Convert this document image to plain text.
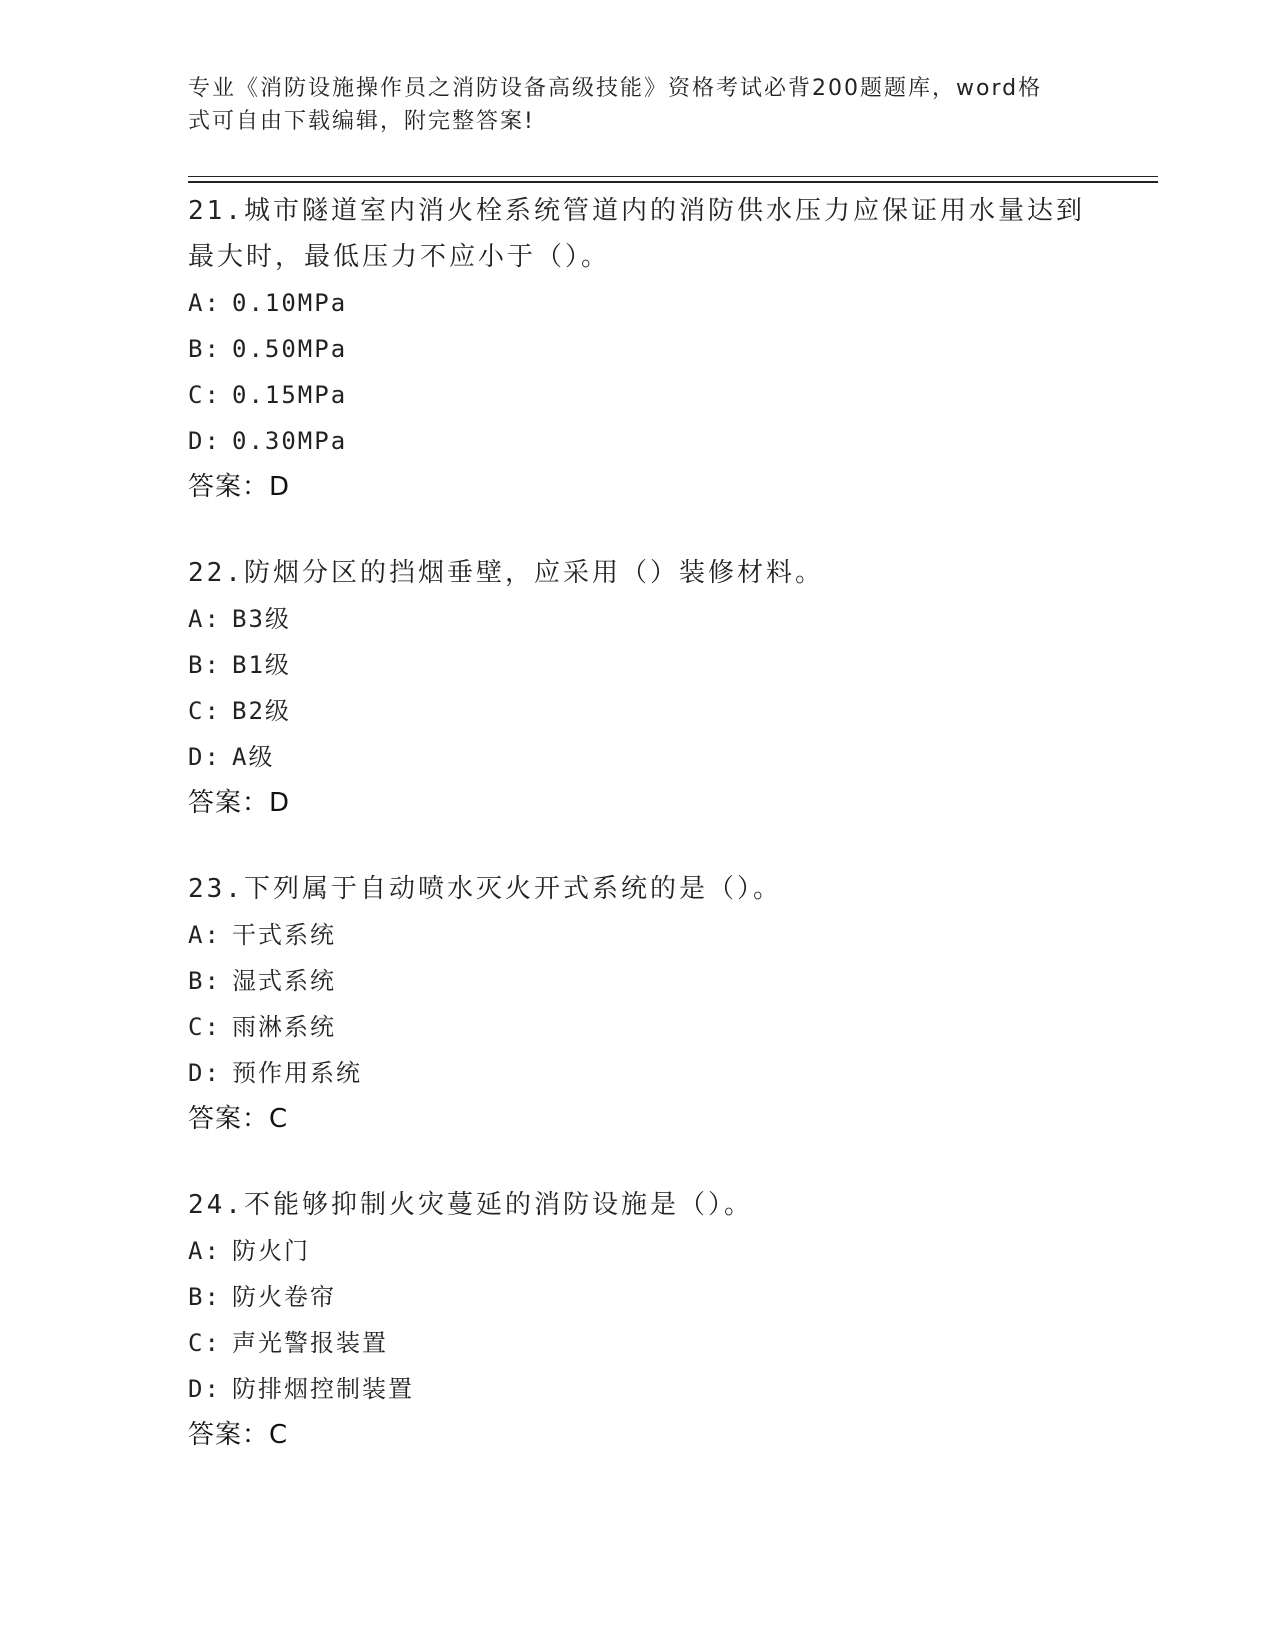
专业《消防设施操作员之消防设备高级技能》资格考试必背200题题库，word格
式可自由下载编辑，附完整答案!
21.城市隧道室内消火栓系统管道内的消防供水压力应保证用水量达到
最大时，最低压力不应小于（）。
A: 0.10MPa
B: 0.50MPa
C: 0.15MPa
D: 0.30MPa
答案：D
22.防烟分区的挡烟垂壁，应采用（）装修材料。
A: B3级
B: B1级
C: B2级
D: A级
答案：D
23.下列属于自动喷水灭火开式系统的是（）。
A: 干式系统
B: 湿式系统
C: 雨淋系统
D: 预作用系统
答案：C
24.不能够抑制火灾蔓延的消防设施是（）。
A: 防火门
B: 防火卷帘
C: 声光警报装置
D: 防排烟控制装置
答案：C
